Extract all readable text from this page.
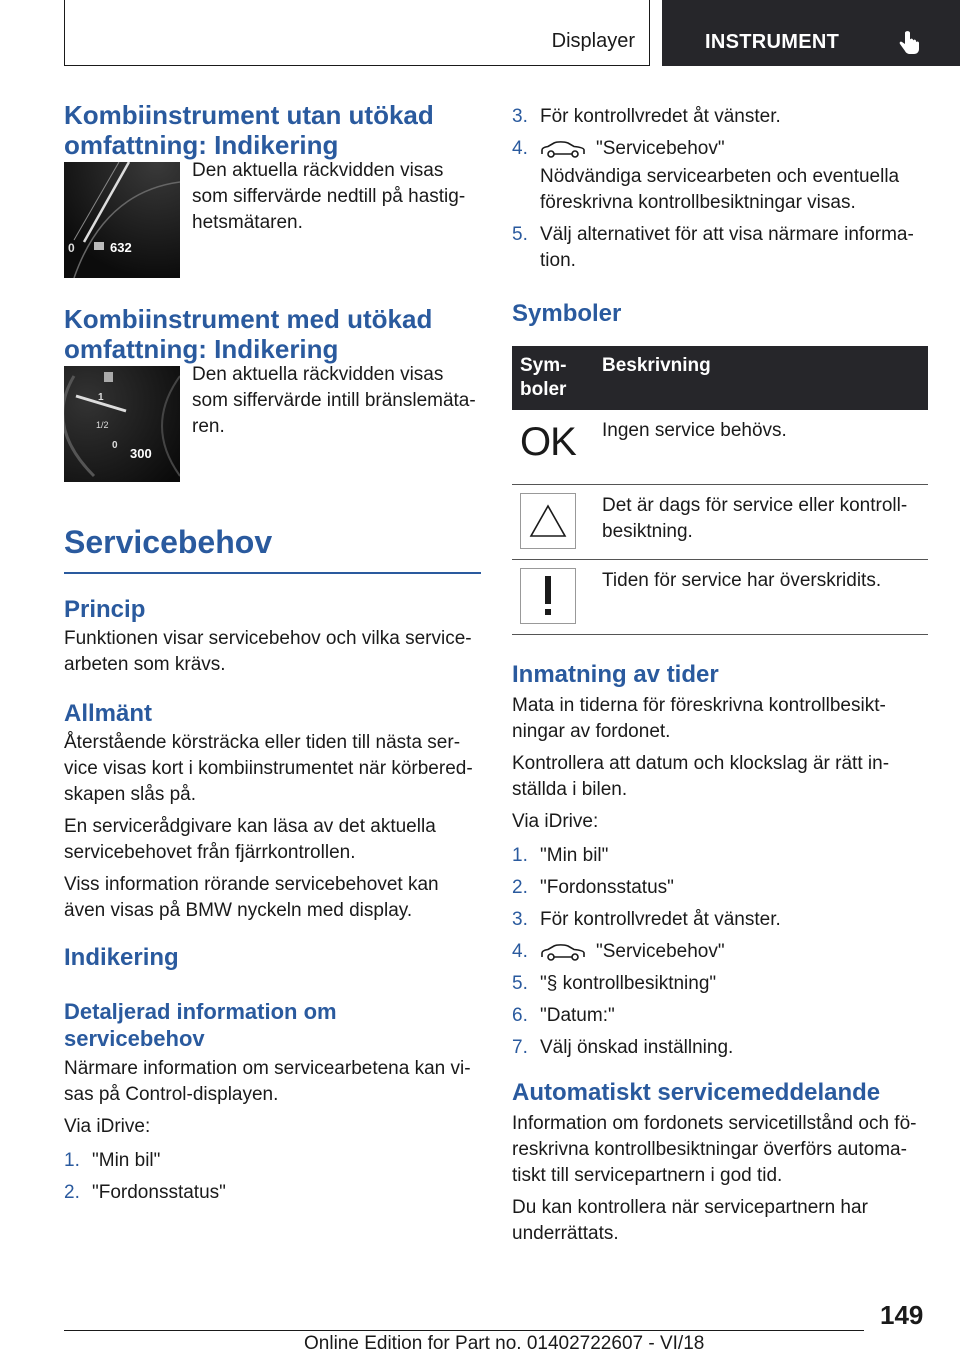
Displayer	INSTRUMENT
Kombiinstrument utan utökad omfattning: Indikering
0	632
Den aktuella räckvidden visas som siffervärde nedtill på hastighetsmätaren.
Kombiinstrument med utökad omfattning: Indikering
1
1/2
0
300
Den aktuella räckvidden visas som siffervärde intill bränslemätaren.
Servicebehov
Princip

Funktionen visar servicebehov och vilka servicearbeten som krävs.

Allmänt

Återstående körsträcka eller tiden till nästa service visas kort i kombiinstrumentet när körberedskapen slås på.

En servicerådgivare kan läsa av det aktuella servicebehovet från fjärrkontrollen.

Viss information rörande servicebehovet kan även visas på BMW nyckeln med display.

Indikering
Detaljerad information om servicebehov

Närmare information om servicearbetena kan visas på Control-displayen.

Via iDrive:

1. "Min bil"
2. "Fordonsstatus"
3. För kontrollvredet åt vänster.
4.	"Servicebehov"
Nödvändiga servicearbeten och eventuella föreskrivna kontrollbesiktningar visas.
5. Välj alternativet för att visa närmare information.
Symboler
Symboler	Beskrivning

OK	Ingen service behövs.

	Det är dags för service eller kontrollbesiktning.

	Tiden för service har överskridits.
Inmatning av tider

Mata in tiderna för föreskrivna kontrollbesiktningar av fordonet.

Kontrollera att datum och klockslag är rätt inställda i bilen.

Via iDrive:

1. "Min bil"
2. "Fordonsstatus"
3. För kontrollvredet åt vänster.
4.	"Servicebehov"
5. "§ kontrollbesiktning"
6. "Datum:"
7. Välj önskad inställning.
Automatiskt servicemeddelande

Information om fordonets servicetillstånd och föreskrivna kontrollbesiktningar överförs automatiskt till servicepartnern i god tid.

Du kan kontrollera när servicepartnern har underrättats.

149
Online Edition for Part no. 01402722607 - VI/18
